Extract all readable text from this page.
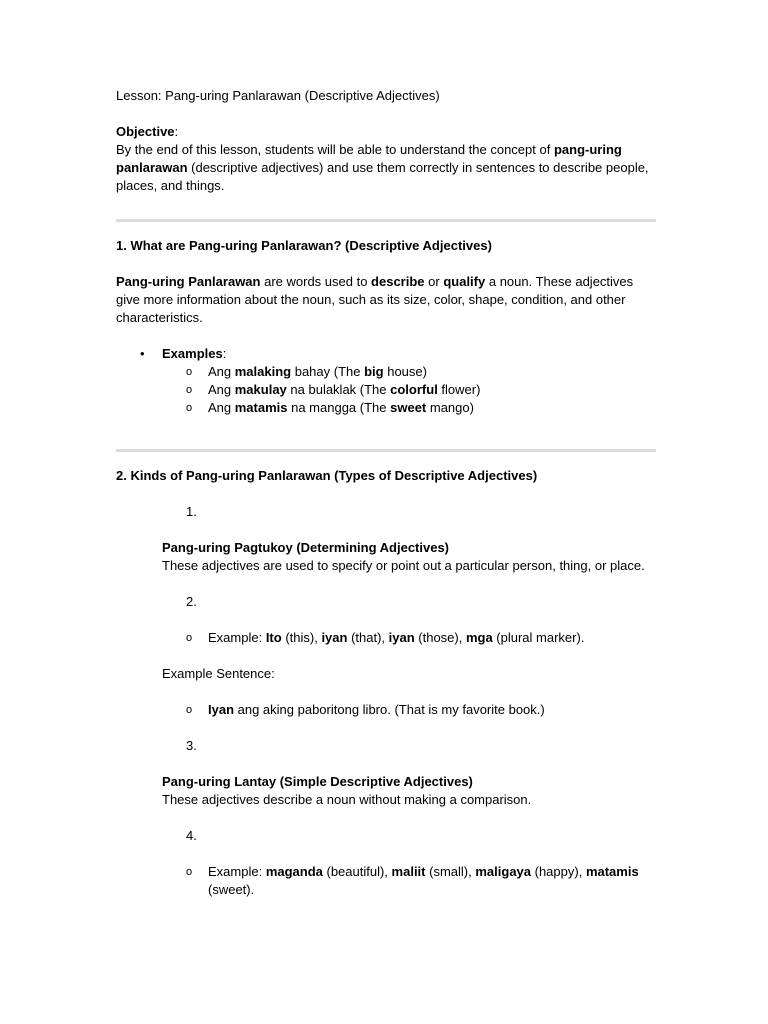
Lesson: Pang-uring Panlarawan (Descriptive Adjectives)

Objective:

By the end of this lesson, students will be able to understand the concept of pang-uring panlarawan (descriptive adjectives) and use them correctly in sentences to describe people, places, and things.

1. What are Pang-uring Panlarawan? (Descriptive Adjectives)

Pang-uring Panlarawan are words used to describe or qualify a noun. These adjectives give more information about the noun, such as its size, color, shape, condition, and other characteristics.

• Examples:
o Ang malaking bahay (The big house)
o Ang makulay na bulaklak (The colorful flower)
o Ang matamis na mangga (The sweet mango)

2. Kinds of Pang-uring Panlarawan (Types of Descriptive Adjectives)

1.

Pang-uring Pagtukoy (Determining Adjectives)

These adjectives are used to specify or point out a particular person, thing, or place.

2.

o Example: Ito (this), iyan (that), iyan (those), mga (plural marker).

Example Sentence:

o Iyan ang aking paboritong libro. (That is my favorite book.)

3.

Pang-uring Lantay (Simple Descriptive Adjectives)

These adjectives describe a noun without making a comparison.

4.

o Example: maganda (beautiful), maliit (small), maligaya (happy), matamis (sweet).
